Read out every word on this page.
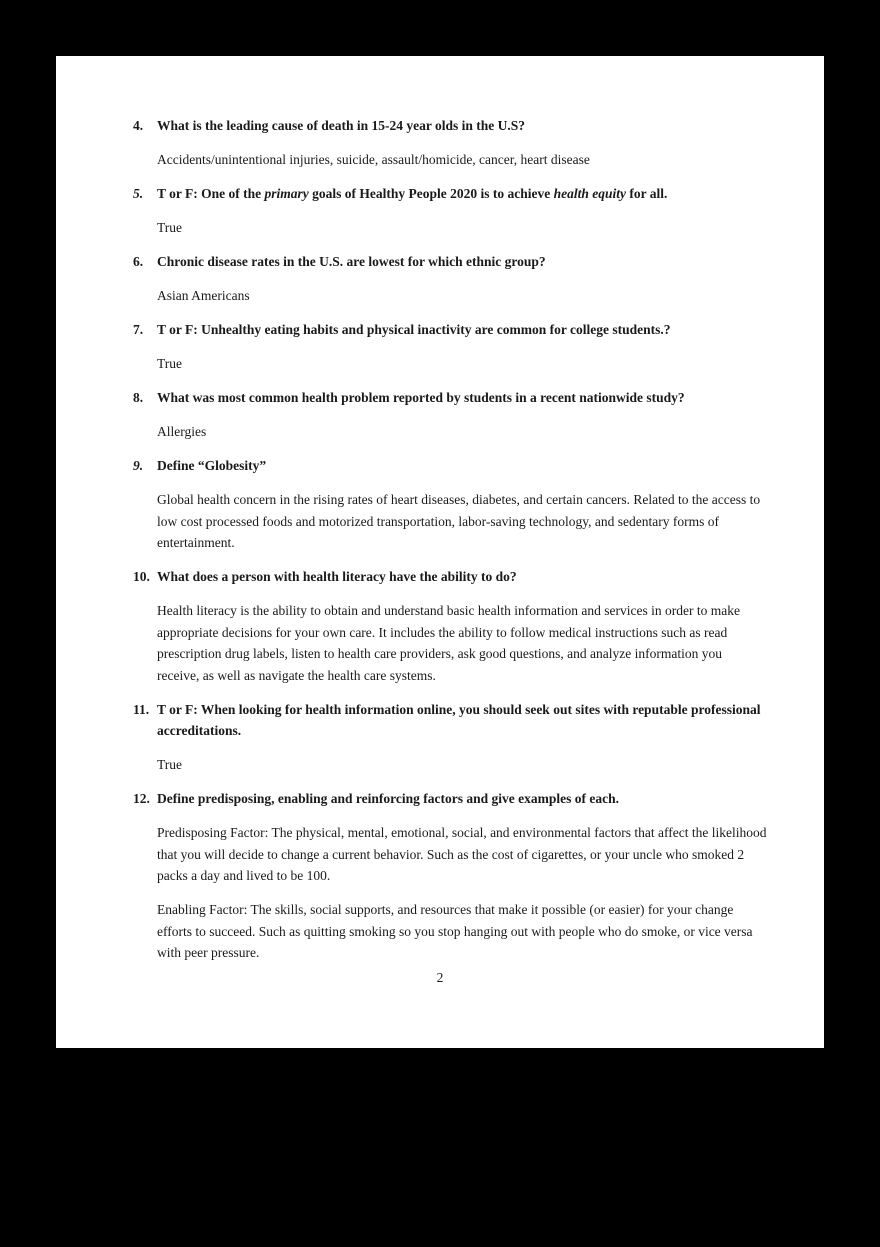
4. What is the leading cause of death in 15-24 year olds in the U.S?

Accidents/unintentional injuries, suicide, assault/homicide, cancer, heart disease

5. T or F: One of the primary goals of Healthy People 2020 is to achieve health equity for all.

True

6. Chronic disease rates in the U.S. are lowest for which ethnic group?

Asian Americans

7. T or F: Unhealthy eating habits and physical inactivity are common for college students.?

True

8. What was most common health problem reported by students in a recent nationwide study?

Allergies

9. Define “Globesity”

Global health concern in the rising rates of heart diseases, diabetes, and certain cancers. Related to the access to low cost processed foods and motorized transportation, labor-saving technology, and sedentary forms of entertainment.

10. What does a person with health literacy have the ability to do?

Health literacy is the ability to obtain and understand basic health information and services in order to make appropriate decisions for your own care. It includes the ability to follow medical instructions such as read prescription drug labels, listen to health care providers, ask good questions, and analyze information you receive, as well as navigate the health care systems.

11. T or F: When looking for health information online, you should seek out sites with reputable professional accreditations.

True

12. Define predisposing, enabling and reinforcing factors and give examples of each.

Predisposing Factor: The physical, mental, emotional, social, and environmental factors that affect the likelihood that you will decide to change a current behavior. Such as the cost of cigarettes, or your uncle who smoked 2 packs a day and lived to be 100.

Enabling Factor: The skills, social supports, and resources that make it possible (or easier) for your change efforts to succeed. Such as quitting smoking so you stop hanging out with people who do smoke, or vice versa with peer pressure.

2
